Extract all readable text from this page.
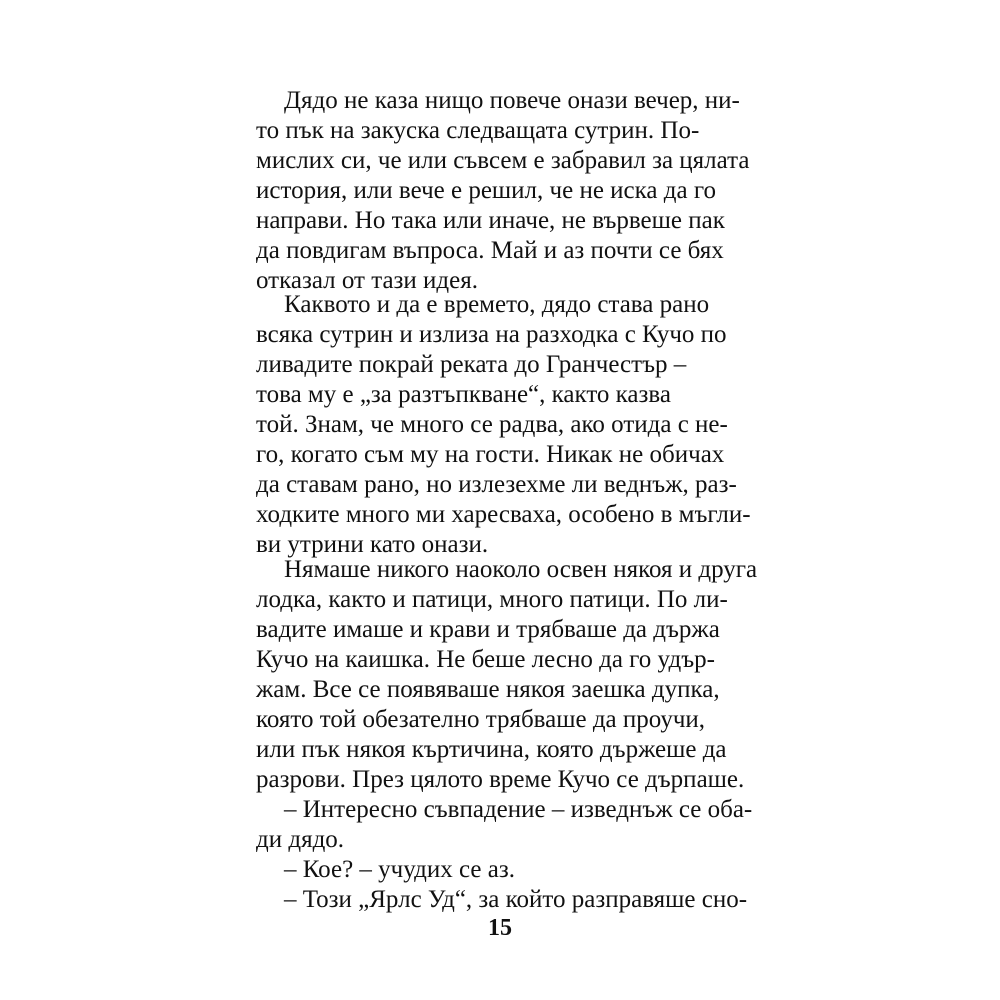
Дядо не каза нищо повече онази вечер, ни-
то пък на закуска следващата сутрин. По-
мислих си, че или съвсем е забравил за цялата
история, или вече е решил, че не иска да го
направи. Но така или иначе, не вървеше пак
да повдигам въпроса. Май и аз почти се бях
отказал от тази идея.
Каквото и да е времето, дядо става рано
всяка сутрин и излиза на разходка с Кучо по
ливадите покрай реката до Гранчестър –
това му е „за разтъпкване“, както казва
той. Знам, че много се радва, ако отида с не-
го, когато съм му на гости. Никак не обичах
да ставам рано, но излезехме ли веднъж, раз-
ходките много ми харесваха, особено в мъгли-
ви утрини като онази.
Нямаше никого наоколо освен някоя и друга
лодка, както и патици, много патици. По ли-
вадите имаше и крави и трябваше да държа
Кучо на каишка. Не беше лесно да го удър-
жам. Все се появяваше някоя заешка дупка,
която той обезателно трябваше да проучи,
или пък някоя къртичина, която държеше да
разрови. През цялото време Кучо се дърпаше.
– Интересно съвпадение – изведнъж се оба-
ди дядо.
– Кое? – учудих се аз.
– Този „Ярлс Уд“, за който разправяше сно-
15
